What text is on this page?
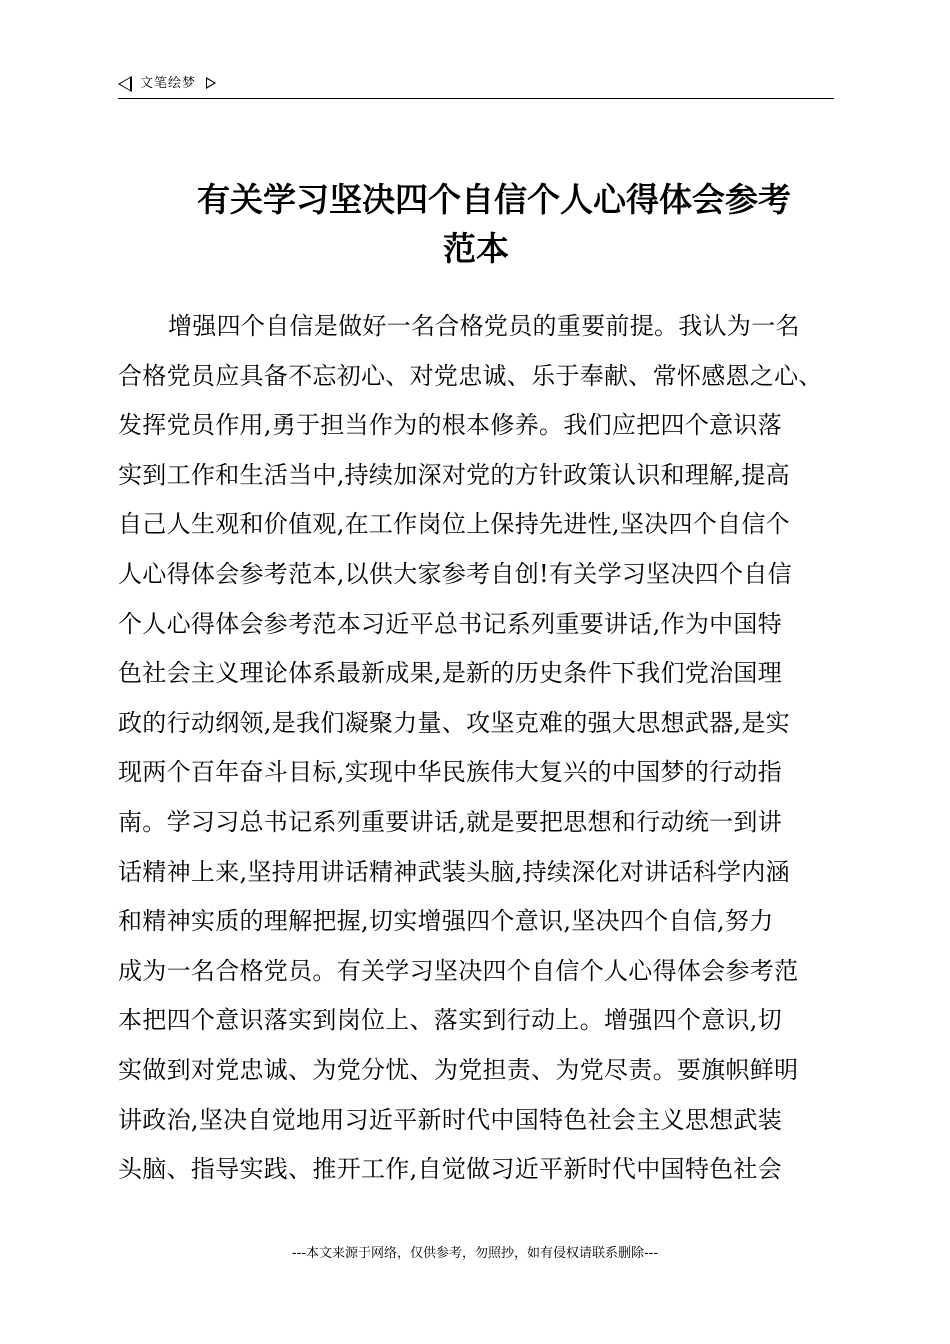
文笔绘梦
有关学习坚决四个自信个人心得体会参考
范本
增强四个自信是做好一名合格党员的重要前提。我认为一名
合格党员应具备不忘初心、对党忠诚、乐于奉献、常怀感恩之心、
发挥党员作用,勇于担当作为的根本修养。我们应把四个意识落
实到工作和生活当中,持续加深对党的方针政策认识和理解,提高
自己人生观和价值观,在工作岗位上保持先进性,坚决四个自信个
人心得体会参考范本,以供大家参考自创!有关学习坚决四个自信
个人心得体会参考范本习近平总书记系列重要讲话,作为中国特
色社会主义理论体系最新成果,是新的历史条件下我们党治国理
政的行动纲领,是我们凝聚力量、攻坚克难的强大思想武器,是实
现两个百年奋斗目标,实现中华民族伟大复兴的中国梦的行动指
南。学习习总书记系列重要讲话,就是要把思想和行动统一到讲
话精神上来,坚持用讲话精神武装头脑,持续深化对讲话科学内涵
和精神实质的理解把握,切实增强四个意识,坚决四个自信,努力
成为一名合格党员。有关学习坚决四个自信个人心得体会参考范
本把四个意识落实到岗位上、落实到行动上。增强四个意识,切
实做到对党忠诚、为党分忧、为党担责、为党尽责。要旗帜鲜明
讲政治,坚决自觉地用习近平新时代中国特色社会主义思想武装
头脑、指导实践、推开工作,自觉做习近平新时代中国特色社会
---本文来源于网络，仅供参考，勿照抄，如有侵权请联系删除---
